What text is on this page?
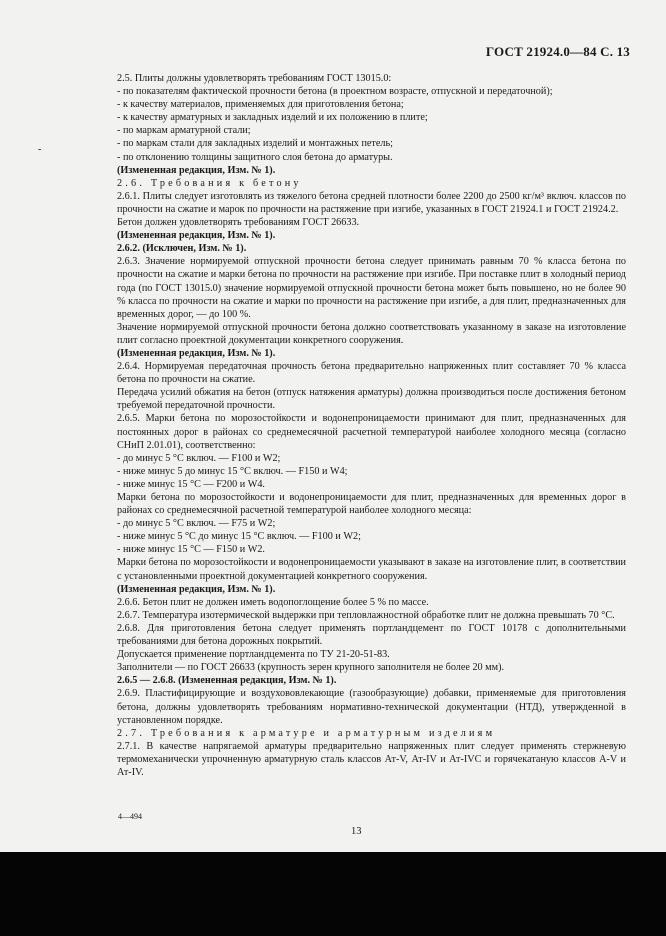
ГОСТ 21924.0—84 С. 13
-

2.5. Плиты должны удовлетворять требованиям ГОСТ 13015.0:

- по показателям фактической прочности бетона (в проектном возрасте, отпускной и передаточной);

- к качеству материалов, применяемых для приготовления бетона;

- к качеству арматурных и закладных изделий и их положению в плите;

- по маркам арматурной стали;

- по маркам стали для закладных изделий и монтажных петель;

- по отклонению толщины защитного слоя бетона до арматуры.

(Измененная редакция, Изм. № 1).

2.6. Требования к бетону

2.6.1. Плиты следует изготовлять из тяжелого бетона средней плотности более 2200 до 2500 кг/м³ включ. классов по прочности на сжатие и марок по прочности на растяжение при изгибе, указанных в ГОСТ 21924.1 и ГОСТ 21924.2.

Бетон должен удовлетворять требованиям ГОСТ 26633.

(Измененная редакция, Изм. № 1).

2.6.2. (Исключен, Изм. № 1).

2.6.3. Значение нормируемой отпускной прочности бетона следует принимать равным 70 % класса бетона по прочности на сжатие и марки бетона по прочности на растяжение при изгибе. При поставке плит в холодный период года (по ГОСТ 13015.0) значение нормируемой отпускной прочности бетона может быть повышено, но не более 90 % класса по прочности на сжатие и марки по прочности на растяжение при изгибе, а для плит, предназначенных для временных дорог, — до 100 %.

Значение нормируемой отпускной прочности бетона должно соответствовать указанному в заказе на изготовление плит согласно проектной документации конкретного сооружения.

(Измененная редакция, Изм. № 1).

2.6.4. Нормируемая передаточная прочность бетона предварительно напряженных плит составляет 70 % класса бетона по прочности на сжатие.

Передача усилий обжатия на бетон (отпуск натяжения арматуры) должна производиться после достижения бетоном требуемой передаточной прочности.

2.6.5. Марки бетона по морозостойкости и водонепроницаемости принимают для плит, предназначенных для постоянных дорог в районах со среднемесячной расчетной температурой наиболее холодного месяца (согласно СНиП 2.01.01), соответственно:

- до минус 5 °С включ. — F100 и W2;

- ниже минус 5 до минус 15 °С включ. — F150 и W4;

- ниже минус 15 °С — F200 и W4.

Марки бетона по морозостойкости и водонепроницаемости для плит, предназначенных для временных дорог в районах со среднемесячной расчетной температурой наиболее холодного месяца:

- до минус 5 °С включ. — F75 и W2;

- ниже минус 5 °С до минус 15 °С включ. — F100 и W2;

- ниже минус 15 °С — F150 и W2.

Марки бетона по морозостойкости и водонепроницаемости указывают в заказе на изготовление плит, в соответствии с установленными проектной документацией конкретного сооружения.

(Измененная редакция, Изм. № 1).

2.6.6. Бетон плит не должен иметь водопоглощение более 5 % по массе.

2.6.7. Температура изотермической выдержки при тепловлажностной обработке плит не должна превышать 70 °С.

2.6.8. Для приготовления бетона следует применять портландцемент по ГОСТ 10178 с дополнительными требованиями для бетона дорожных покрытий.

Допускается применение портландцемента по ТУ 21-20-51-83.

Заполнители — по ГОСТ 26633 (крупность зерен крупного заполнителя не более 20 мм).

2.6.5 — 2.6.8. (Измененная редакция, Изм. № 1).

2.6.9. Пластифицирующие и воздухововлекающие (газообразующие) добавки, применяемые для приготовления бетона, должны удовлетворять требованиям нормативно-технической документации (НТД), утвержденной в установленном порядке.

2.7. Требования к арматуре и арматурным изделиям

2.7.1. В качестве напрягаемой арматуры предварительно напряженных плит следует применять стержневую термомеханически упрочненную арматурную сталь классов Ат-V, Ат-IV и Ат-IVC и горячекатаную классов А-V и Ат-IV.

4—494
13
